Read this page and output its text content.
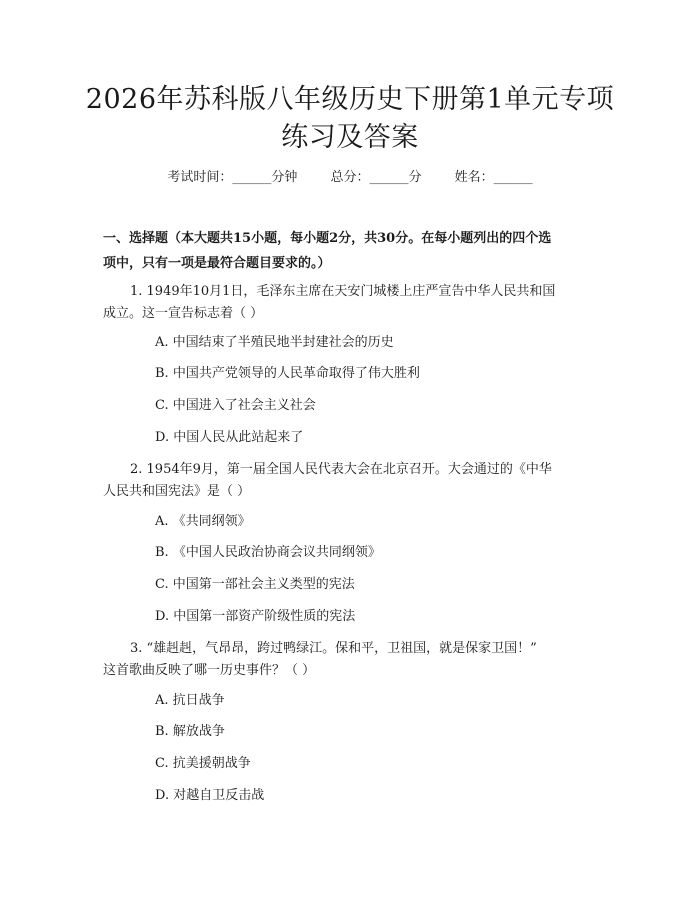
2026年苏科版八年级历史下册第1单元专项
练习及答案
考试时间：______分钟	总分：______分	姓名：______
一、选择题（本大题共15小题，每小题2分，共30分。在每小题列出的四个选
项中，只有一项是最符合题目要求的。）
1. 1949年10月1日，毛泽东主席在天安门城楼上庄严宣告中华人民共和国
成立。这一宣告标志着（ ）
A. 中国结束了半殖民地半封建社会的历史
B. 中国共产党领导的人民革命取得了伟大胜利
C. 中国进入了社会主义社会
D. 中国人民从此站起来了
2. 1954年9月，第一届全国人民代表大会在北京召开。大会通过的《中华
人民共和国宪法》是（ ）
A. 《共同纲领》
B. 《中国人民政治协商会议共同纲领》
C. 中国第一部社会主义类型的宪法
D. 中国第一部资产阶级性质的宪法
3. “雄赳赳，气昂昂，跨过鸭绿江。保和平，卫祖国，就是保家卫国！”
这首歌曲反映了哪一历史事件？（ ）
A. 抗日战争
B. 解放战争
C. 抗美援朝战争
D. 对越自卫反击战
